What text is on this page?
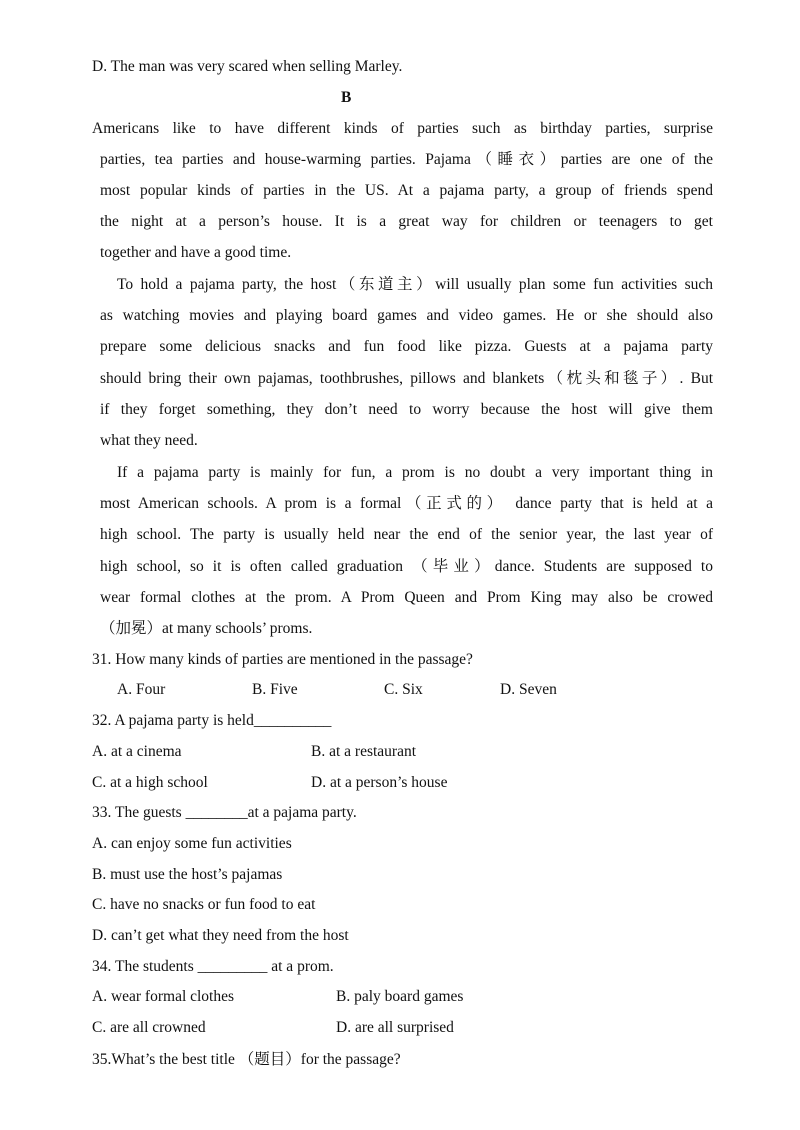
D. The man was very scared when selling Marley.
B
Americans like to have different kinds of parties such as birthday parties, surprise
parties, tea parties and house-warming parties. Pajama（睡衣）parties are one of the
most popular kinds of parties in the US. At a pajama party, a group of friends spend
the night at a person’s house. It is a great way for children or teenagers to get
together and have a good time.
To hold a pajama party, the host（东道主）will usually plan some fun activities such
as watching movies and playing board games and video games. He or she should also
prepare some delicious snacks and fun food like pizza. Guests at a pajama party
should bring their own pajamas, toothbrushes, pillows and blankets（枕头和毯子）. But
if they forget something, they don’t need to worry because the host will give them
what they need.
If a pajama party is mainly for fun, a prom is no doubt a very important thing in
most American schools. A prom is a formal（正式的） dance party that is held at a
high school. The party is usually held near the end of the senior year, the last year of
high school, so it is often called graduation （毕业）dance. Students are supposed to
wear formal clothes at the prom. A Prom Queen and Prom King may also be crowed
（加冕）at many schools’ proms.
31. How many kinds of parties are mentioned in the passage?
A. Four	B. Five	C. Six	D. Seven
32. A pajama party is held__________
A. at a cinema	B. at a restaurant
C. at a high school	D. at a person’s house
33. The guests ________at a pajama party.
A. can enjoy some fun activities
B. must use the host’s pajamas
C. have no snacks or fun food to eat
D. can’t get what they need from the host
34. The students _________ at a prom.
A. wear formal clothes	B. paly board games
C. are all crowned	D. are all surprised
35.What’s the best title （题目）for the passage?
